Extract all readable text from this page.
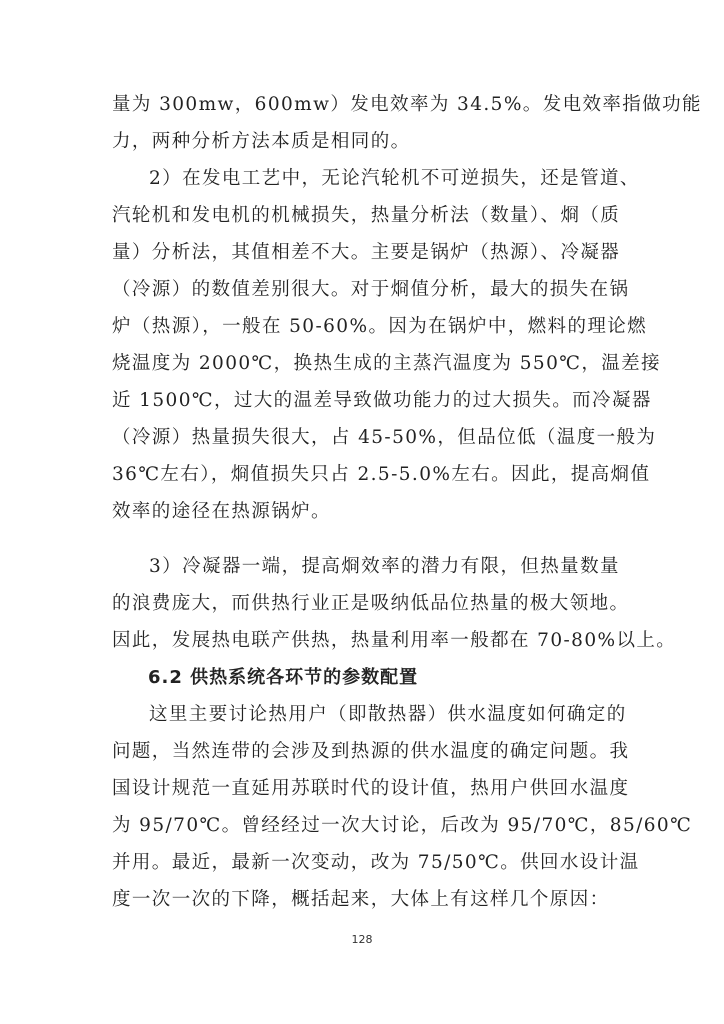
量为 300mw，600mw）发电效率为 34.5%。发电效率指做功能
力，两种分析方法本质是相同的。
2）在发电工艺中，无论汽轮机不可逆损失，还是管道、
汽轮机和发电机的机械损失，热量分析法（数量）、烱（质
量）分析法，其值相差不大。主要是锅炉（热源）、冷凝器
（冷源）的数值差别很大。对于烱值分析，最大的损失在锅
炉（热源），一般在 50-60%。因为在锅炉中，燃料的理论燃
烧温度为 2000℃，换热生成的主蒸汽温度为 550℃，温差接
近 1500℃，过大的温差导致做功能力的过大损失。而冷凝器
（冷源）热量损失很大，占 45-50%，但品位低（温度一般为
36℃左右），烱值损失只占 2.5-5.0%左右。因此，提高烱值
效率的途径在热源锅炉。
3）冷凝器一端，提高烱效率的潜力有限，但热量数量
的浪费庞大，而供热行业正是吸纳低品位热量的极大领地。
因此，发展热电联产供热，热量利用率一般都在 70-80%以上。
6.2 供热系统各环节的参数配置
这里主要讨论热用户（即散热器）供水温度如何确定的
问题，当然连带的会涉及到热源的供水温度的确定问题。我
国设计规范一直延用苏联时代的设计值，热用户供回水温度
为 95/70℃。曾经经过一次大讨论，后改为 95/70℃，85/60℃
并用。最近，最新一次变动，改为 75/50℃。供回水设计温
度一次一次的下降，概括起来，大体上有这样几个原因：
128
